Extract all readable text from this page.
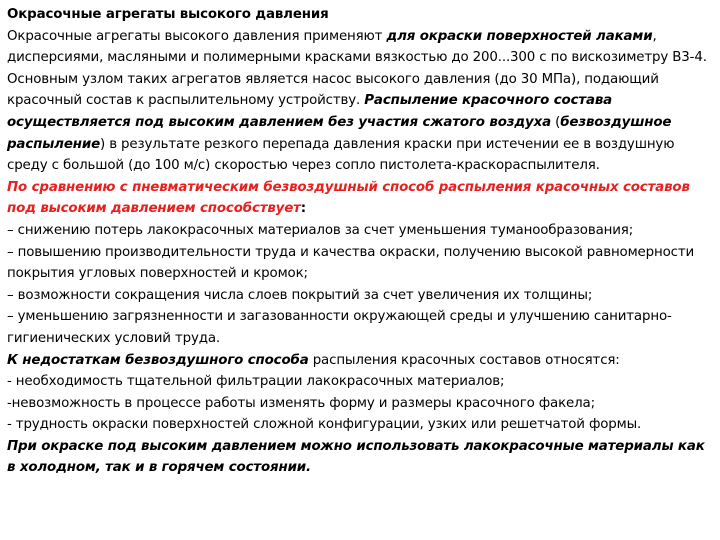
Окрасочные агрегаты высокого давления

Окрасочные агрегаты высокого давления применяют для окраски поверхностей лаками, дисперсиями, масляными и полимерными красками вязкостью до 200...300 с по вискозиметру В3-4. Основным узлом таких агрегатов является насос высокого давления (до 30 МПа), подающий красочный состав к распылительному устройству. Распыление красочного состава осуществляется под высоким давлением без участия сжатого воздуха (безвоздушное распыление) в результате резкого перепада давления краски при истечении ее в воздушную среду с большой (до 100 м/с) скоростью через сопло пистолета-краскораспылителя.

По сравнению с пневматическим безвоздушный способ распыления красочных составов под высоким давлением способствует:

– снижению потерь лакокрасочных материалов за счет уменьшения туманообразования;

– повышению производительности труда и качества окраски, получению высокой равномерности покрытия угловых поверхностей и кромок;

– возможности сокращения числа слоев покрытий за счет увеличения их толщины;

– уменьшению загрязненности и загазованности окружающей среды и улучшению санитарно-гигиенических условий труда.

К недостаткам безвоздушного способа распыления красочных составов относятся:

- необходимость тщательной фильтрации лакокрасочных материалов;

‐невозможность в процессе работы изменять форму и размеры красочного факела;

‐ трудность окраски поверхностей сложной конфигурации, узких или решетчатой формы.

При окраске под высоким давлением можно использовать лакокрасочные материалы как в холодном, так и в горячем состоянии.
